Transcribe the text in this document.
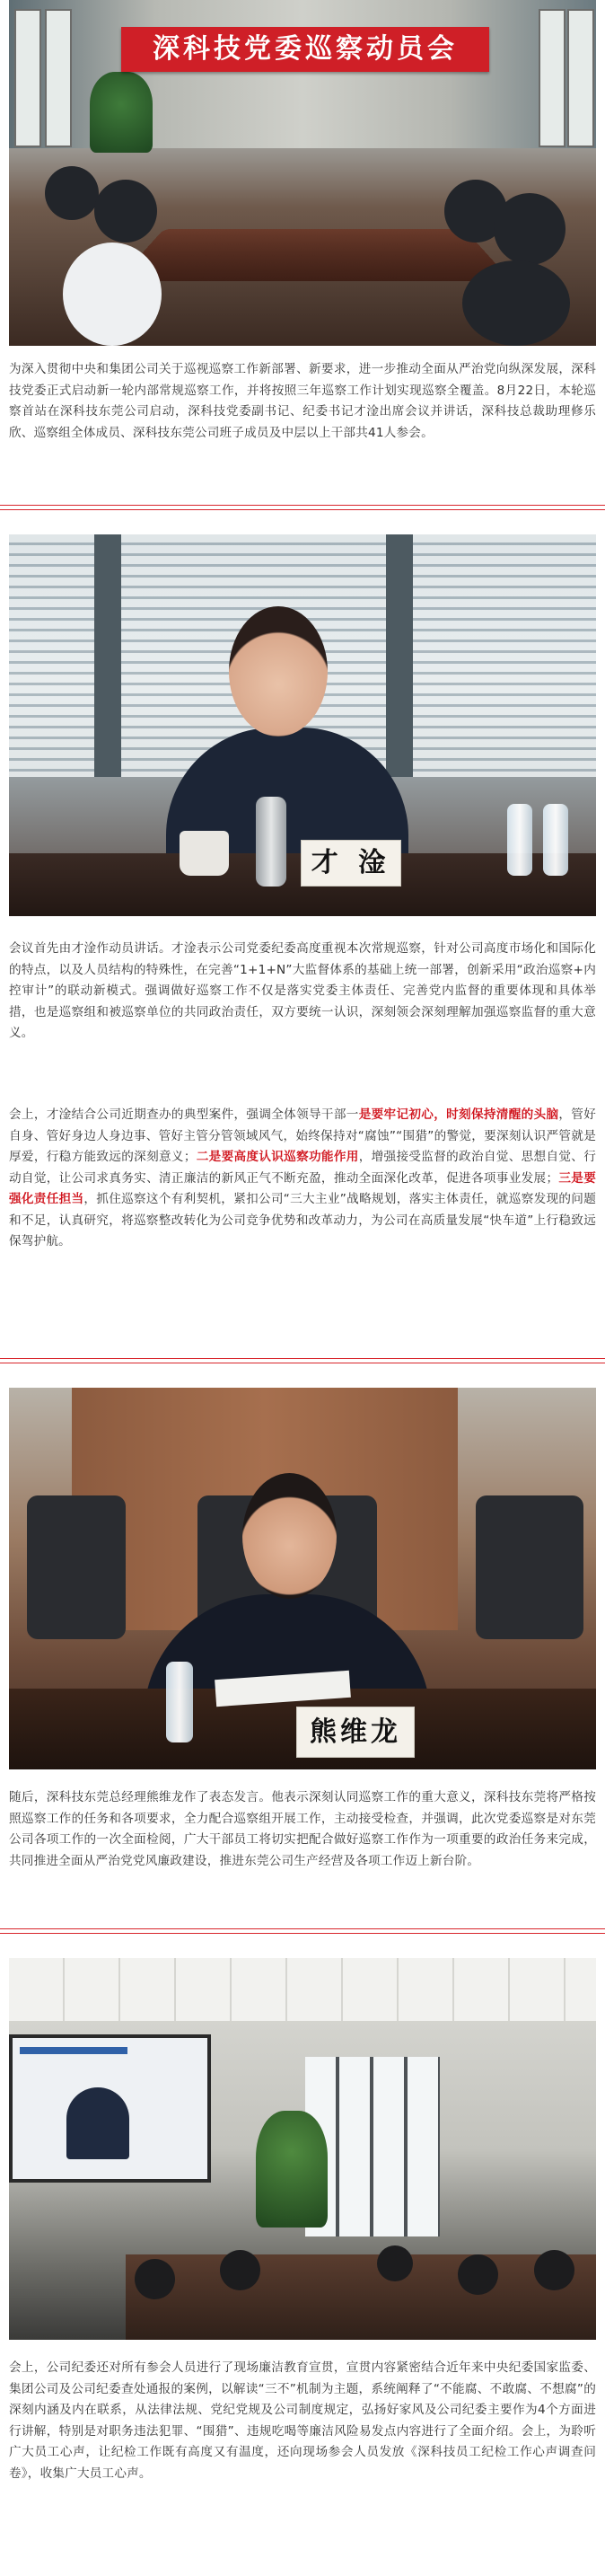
深科技党委巡察动员会

为深入贯彻中央和集团公司关于巡视巡察工作新部署、新要求，进一步推动全面从严治党向纵深发展，深科技党委正式启动新一轮内部常规巡察工作，并将按照三年巡察工作计划实现巡察全覆盖。8月22日，本轮巡察首站在深科技东莞公司启动，深科技党委副书记、纪委书记才淦出席会议并讲话，深科技总裁助理修乐欣、巡察组全体成员、深科技东莞公司班子成员及中层以上干部共41人参会。

才 淦

会议首先由才淦作动员讲话。才淦表示公司党委纪委高度重视本次常规巡察，针对公司高度市场化和国际化的特点，以及人员结构的特殊性，在完善“1+1+N”大监督体系的基础上统一部署，创新采用“政治巡察+内控审计”的联动新模式。强调做好巡察工作不仅是落实党委主体责任、完善党内监督的重要体现和具体举措，也是巡察组和被巡察单位的共同政治责任，双方要统一认识，深刻领会深刻理解加强巡察监督的重大意义。

会上，才淦结合公司近期查办的典型案件，强调全体领导干部一是要牢记初心，时刻保持清醒的头脑，管好自身、管好身边人身边事、管好主管分管领域风气，始终保持对“腐蚀”“围猎”的警觉，要深刻认识严管就是厚爱，行稳方能致远的深刻意义；二是要高度认识巡察功能作用，增强接受监督的政治自觉、思想自觉、行动自觉，让公司求真务实、清正廉洁的新风正气不断充盈，推动全面深化改革，促进各项事业发展；三是要强化责任担当，抓住巡察这个有利契机，紧扣公司“三大主业”战略规划，落实主体责任，就巡察发现的问题和不足，认真研究，将巡察整改转化为公司竞争优势和改革动力，为公司在高质量发展“快车道”上行稳致远保驾护航。

熊维龙

随后，深科技东莞总经理熊维龙作了表态发言。他表示深刻认同巡察工作的重大意义，深科技东莞将严格按照巡察工作的任务和各项要求，全力配合巡察组开展工作，主动接受检查，并强调，此次党委巡察是对东莞公司各项工作的一次全面检阅，广大干部员工将切实把配合做好巡察工作作为一项重要的政治任务来完成，共同推进全面从严治党党风廉政建设，推进东莞公司生产经营及各项工作迈上新台阶。

会上，公司纪委还对所有参会人员进行了现场廉洁教育宣贯，宣贯内容紧密结合近年来中央纪委国家监委、集团公司及公司纪委查处通报的案例，以解读“三不”机制为主题，系统阐释了“不能腐、不敢腐、不想腐”的深刻内涵及内在联系，从法律法规、党纪党规及公司制度规定，弘扬好家风及公司纪委主要作为4个方面进行讲解，特别是对职务违法犯罪、“围猎”、违规吃喝等廉洁风险易发点内容进行了全面介绍。会上，为聆听广大员工心声，让纪检工作既有高度又有温度，还向现场参会人员发放《深科技员工纪检工作心声调查问卷》，收集广大员工心声。
